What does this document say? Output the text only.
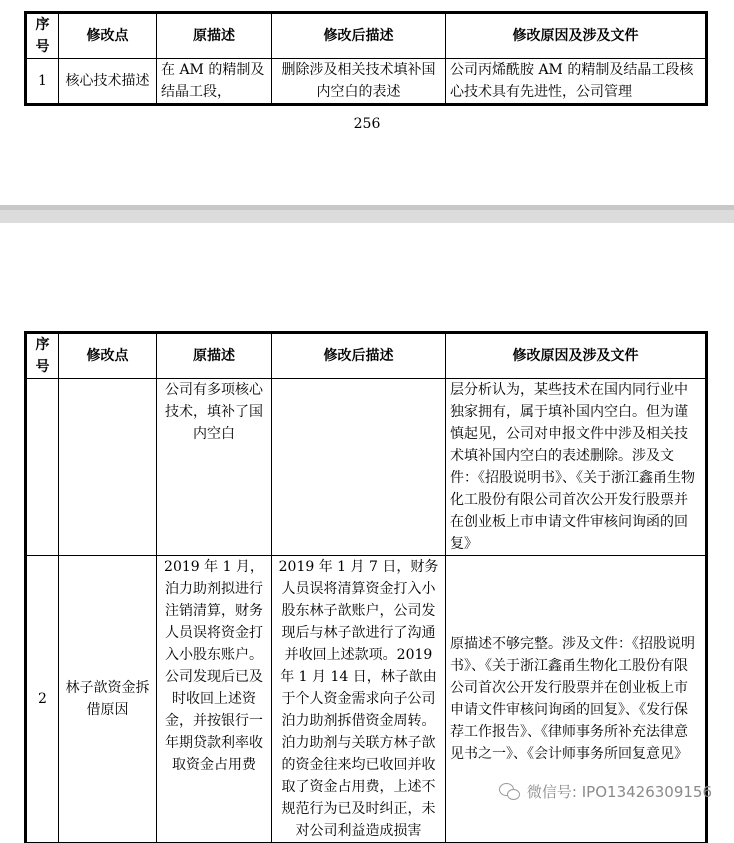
序号	修改点	原描述	修改后描述	修改原因及涉及文件
1	核心技术描述	在 AM 的精制及结晶工段，	删除涉及相关技术填补国内空白的表述	公司丙烯酰胺 AM 的精制及结晶工段核心技术具有先进性，公司管理
256
序号	修改点	原描述	修改后描述	修改原因及涉及文件
		公司有多项核心技术，填补了国内空白		层分析认为，某些技术在国内同行业中独家拥有，属于填补国内空白。但为谨慎起见，公司对申报文件中涉及相关技术填补国内空白的表述删除。涉及文件：《招股说明书》、《关于浙江鑫甬生物化工股份有限公司首次公开发行股票并在创业板上市申请文件审核问询函的回复》
2	林子歆资金拆借原因	2019 年 1 月，泊力助剂拟进行注销清算，财务人员误将资金打入小股东账户。公司发现后已及时收回上述资金，并按银行一年期贷款利率收取资金占用费	2019 年 1 月 7 日，财务人员误将清算资金打入小股东林子歆账户，公司发现后与林子歆进行了沟通并收回上述款项。2019 年 1 月 14 日，林子歆由于个人资金需求向子公司泊力助剂拆借资金周转。泊力助剂与关联方林子歆的资金往来均已收回并收取了资金占用费，上述不规范行为已及时纠正，未对公司利益造成损害	原描述不够完整。涉及文件：《招股说明书》、《关于浙江鑫甬生物化工股份有限公司首次公开发行股票并在创业板上市申请文件审核问询函的回复》、《发行保荐工作报告》、《律师事务所补充法律意见书之一》、《会计师事务所回复意见》
微信号: IPO13426309156
